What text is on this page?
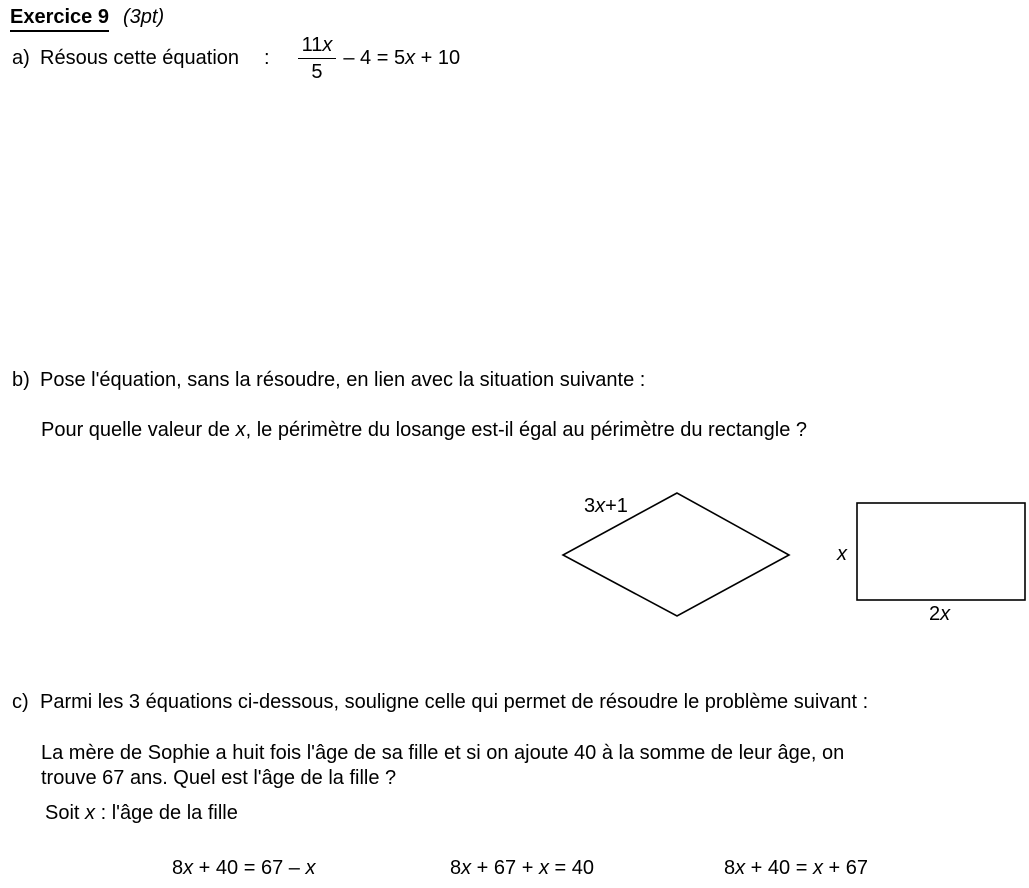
Exercice 9 (3pt)
a) Résous cette équation : $\frac{11x}{5} - 4 = 5x + 10$
b) Pose l'équation, sans la résoudre, en lien avec la situation suivante :
Pour quelle valeur de x, le périmètre du losange est-il égal au périmètre du rectangle ?
3x+1
x
2x
c) Parmi les 3 équations ci-dessous, souligne celle qui permet de résoudre le problème suivant :
La mère de Sophie a huit fois l'âge de sa fille et si on ajoute 40 à la somme de leur âge, on
trouve 67 ans. Quel est l'âge de la fille ?
Soit x : l'âge de la fille
8x + 40 = 67 – x	8x + 67 + x = 40	8x + 40 = x + 67
